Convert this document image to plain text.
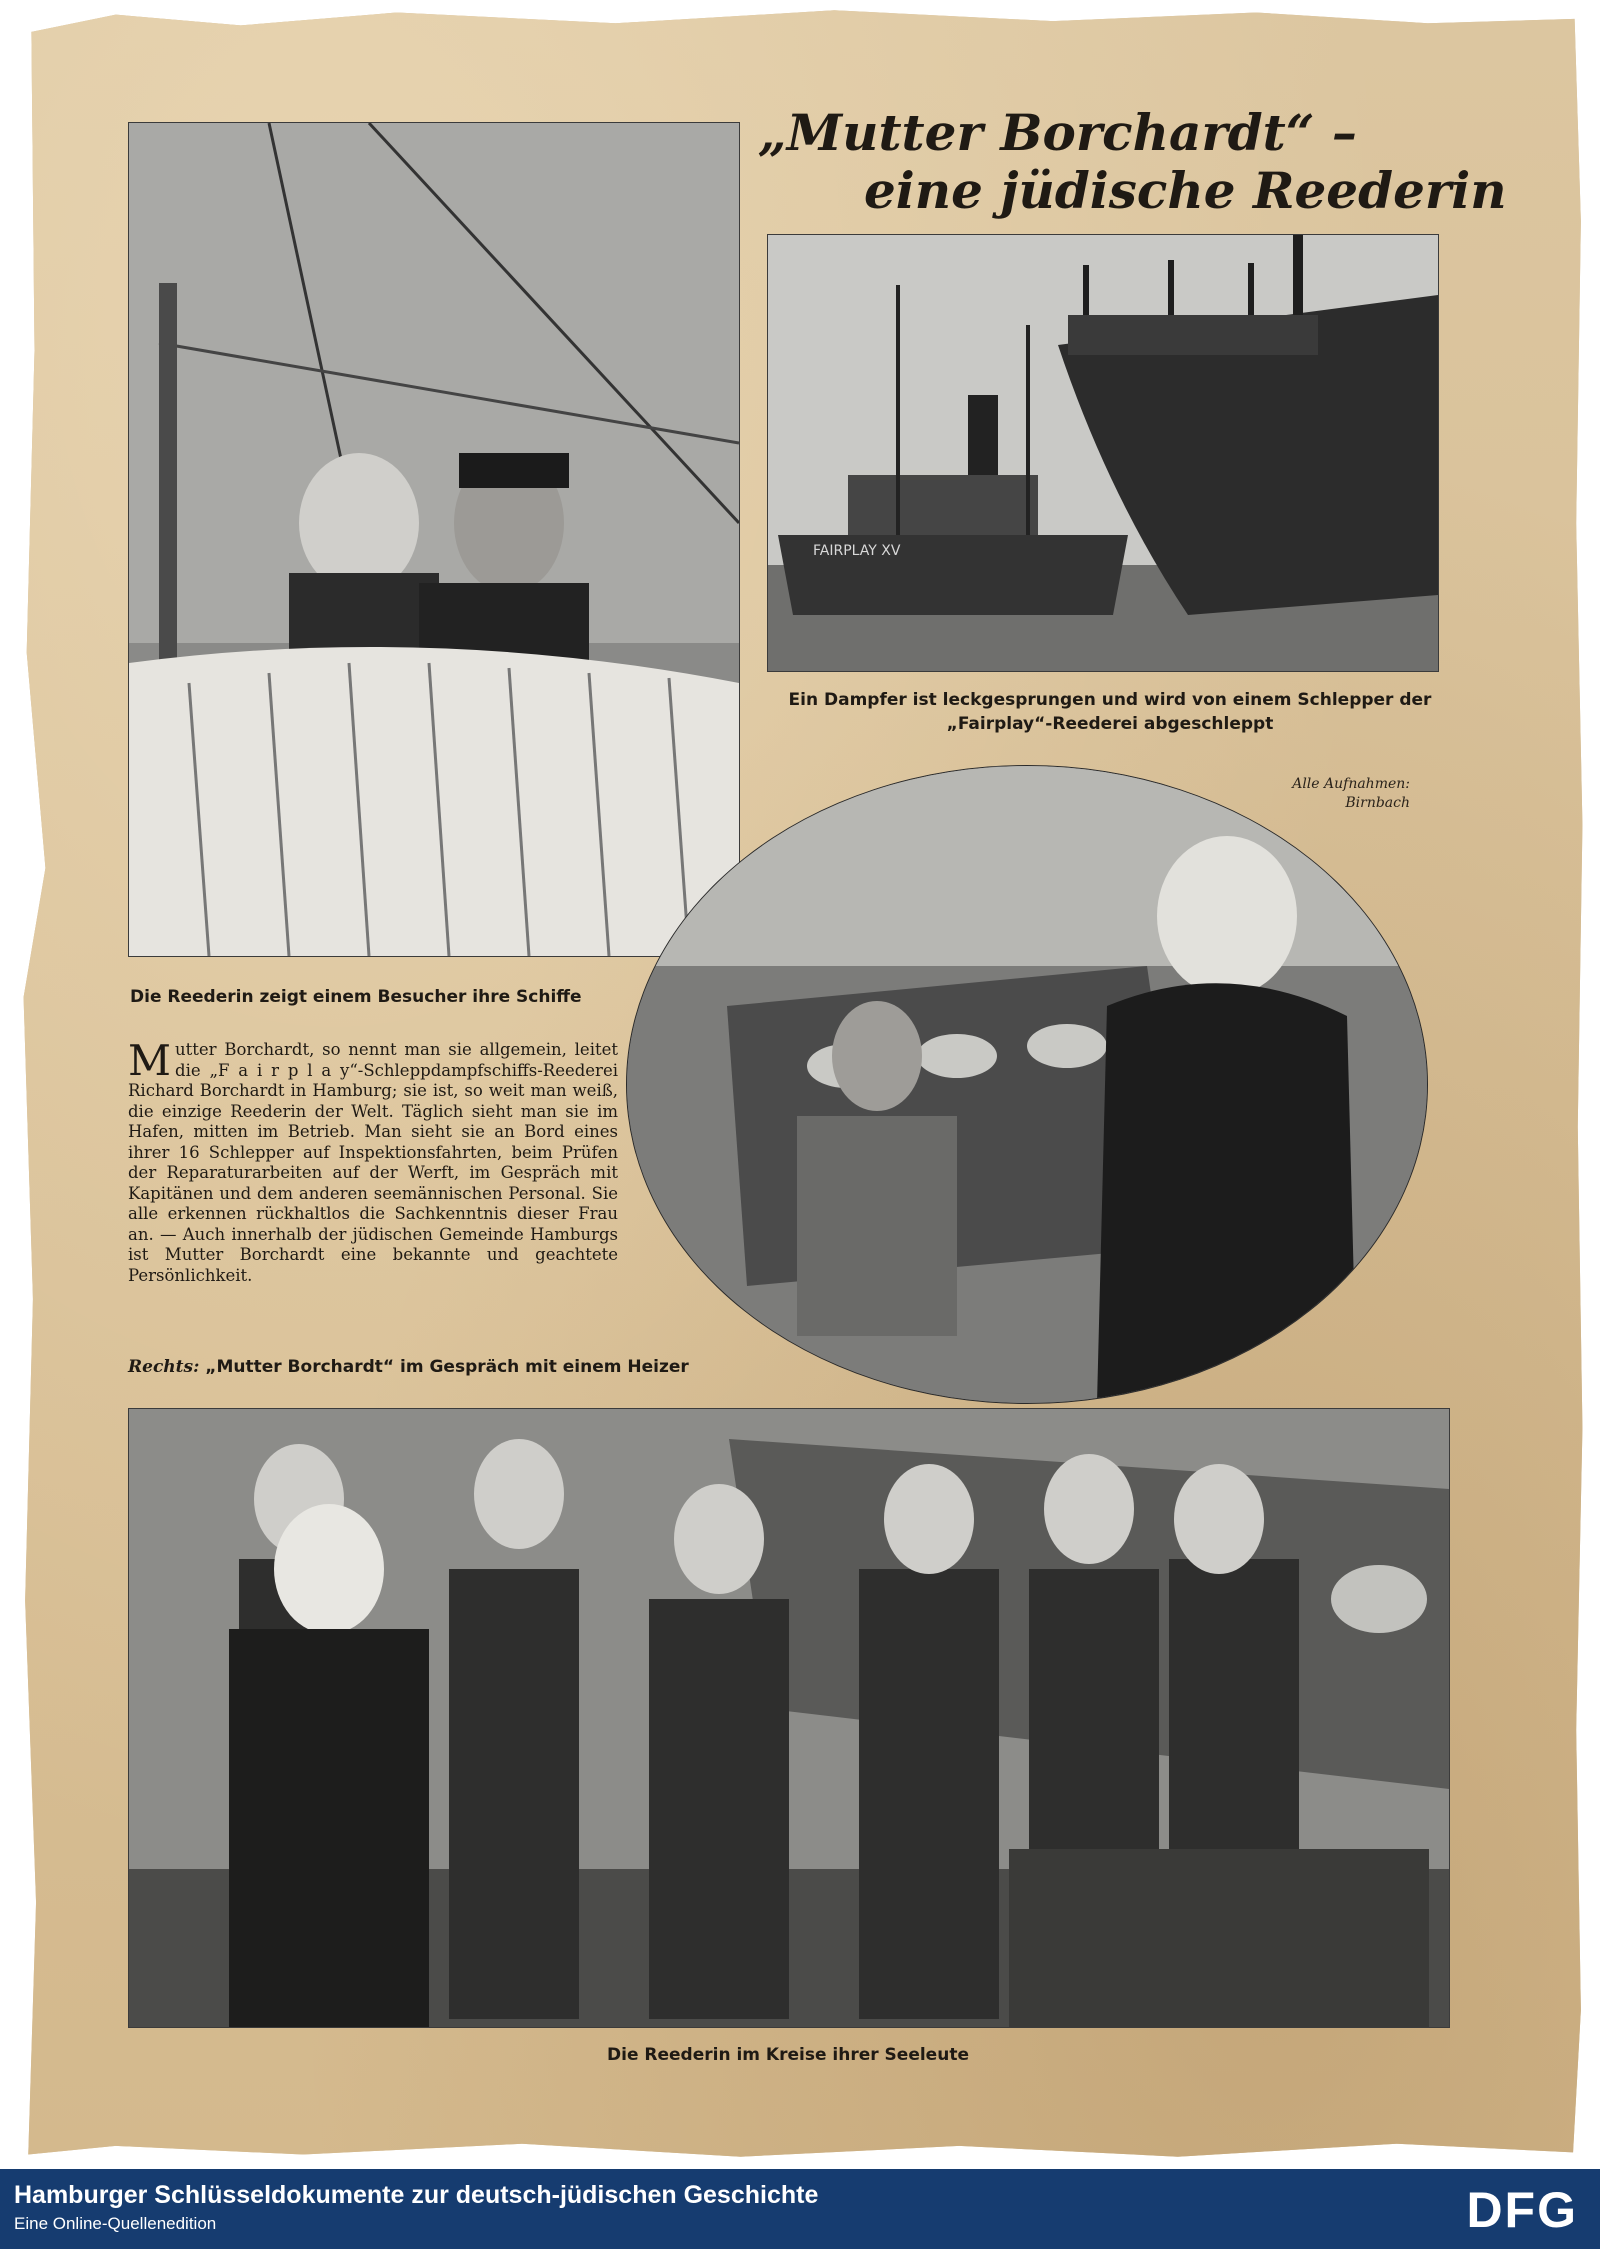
„Mutter Borchardt“ –
eine jüdische Reederin
FAIRPLAY XV
Ein Dampfer ist leckgesprungen und wird von einem Schlepper der „Fairplay“-Reederei abgeschleppt
Alle Aufnahmen:
Birnbach
Die Reederin zeigt einem Besucher ihre Schiffe
Mutter Borchardt, so nennt man sie allgemein, leitet die „F a i r p l a y“-Schleppdampfschiffs-Reederei Richard Borchardt in Hamburg; sie ist, so weit man weiß, die einzige Reederin der Welt. Täglich sieht man sie im Hafen, mitten im Betrieb. Man sieht sie an Bord eines ihrer 16 Schlepper auf Inspektionsfahrten, beim Prüfen der Reparaturarbeiten auf der Werft, im Gespräch mit Kapitänen und dem anderen seemännischen Personal. Sie alle erkennen rückhaltlos die Sachkenntnis dieser Frau an. — Auch innerhalb der jüdischen Gemeinde Hamburgs ist Mutter Borchardt eine bekannte und geachtete Persönlichkeit.
Rechts: „Mutter Borchardt“ im Gespräch mit einem Heizer
Die Reederin im Kreise ihrer Seeleute
Hamburger Schlüsseldokumente zur deutsch-jüdischen Geschichte
Eine Online-Quellenedition	DFG
